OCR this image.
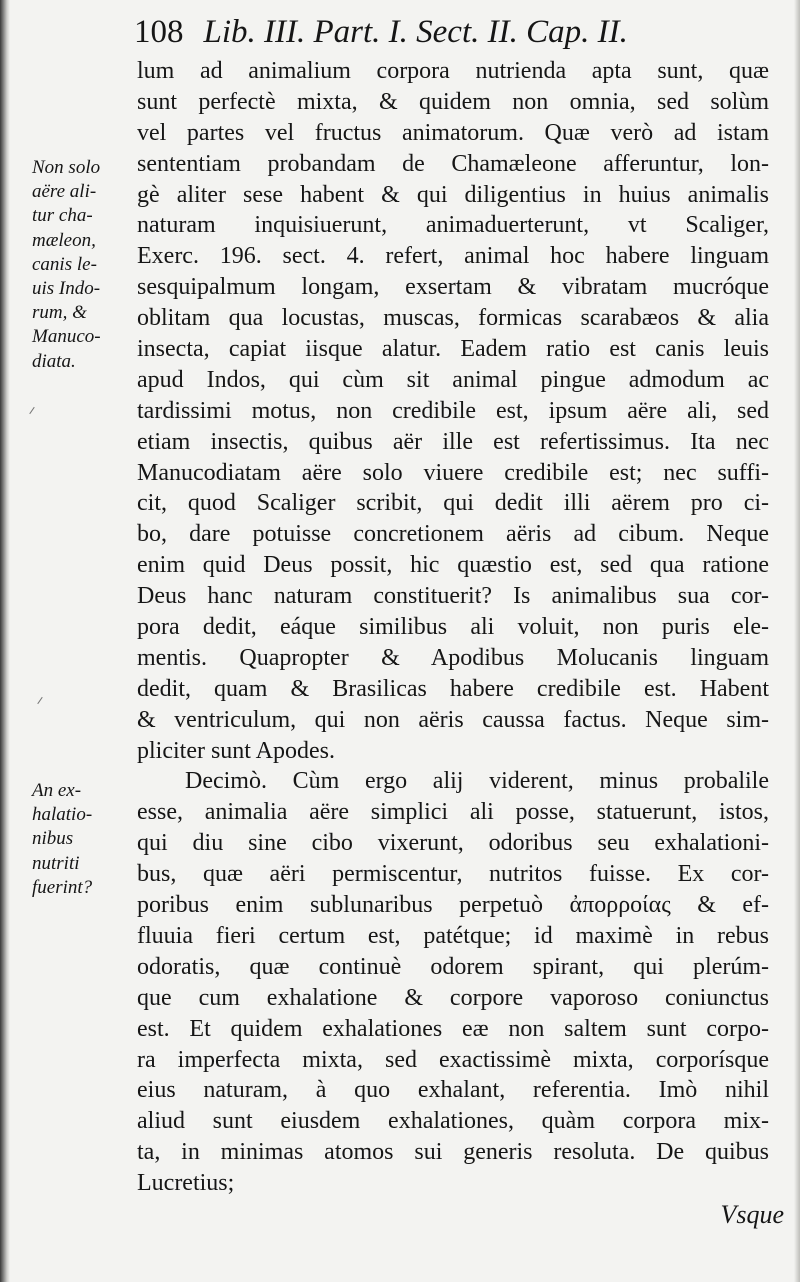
108 Lib. III. Part. I. Sect. II. Cap. II.
lum ad animalium corpora nutrienda apta sunt, quæ
sunt perfectè mixta, & quidem non omnia, sed solùm
vel partes vel fructus animatorum. Quæ verò ad istam
sententiam probandam de Chamæleone afferuntur, lon-
gè aliter sese habent & qui diligentius in huius animalis
naturam inquisiuerunt, animaduerterunt, vt Scaliger,
Exerc. 196. sect. 4. refert, animal hoc habere linguam
sesquipalmum longam, exsertam & vibratam mucróque
oblitam qua locustas, muscas, formicas scarabæos & alia
insecta, capiat iisque alatur. Eadem ratio est canis leuis
apud Indos, qui cùm sit animal pingue admodum ac
tardissimi motus, non credibile est, ipsum aëre ali, sed
etiam insectis, quibus aër ille est refertissimus. Ita nec
Manucodiatam aëre solo viuere credibile est; nec suffi-
cit, quod Scaliger scribit, qui dedit illi aërem pro ci-
bo, dare potuisse concretionem aëris ad cibum. Neque
enim quid Deus possit, hic quæstio est, sed qua ratione
Deus hanc naturam constituerit? Is animalibus sua cor-
pora dedit, eáque similibus ali voluit, non puris ele-
mentis. Quapropter & Apodibus Molucanis linguam
dedit, quam & Brasilicas habere credibile est. Habent
& ventriculum, qui non aëris caussa factus. Neque sim-
pliciter sunt Apodes.
Decimò. Cùm ergo alij viderent, minus probalile
esse, animalia aëre simplici ali posse, statuerunt, istos,
qui diu sine cibo vixerunt, odoribus seu exhalationi-
bus, quæ aëri permiscentur, nutritos fuisse. Ex cor-
poribus enim sublunaribus perpetuò ἀπορροίας & ef-
fluuia fieri certum est, patétque; id maximè in rebus
odoratis, quæ continuè odorem spirant, qui plerúm-
que cum exhalatione & corpore vaporoso coniunctus
est. Et quidem exhalationes eæ non saltem sunt corpo-
ra imperfecta mixta, sed exactissimè mixta, corporísque
eius naturam, à quo exhalant, referentia. Imò nihil
aliud sunt eiusdem exhalationes, quàm corpora mix-
ta, in minimas atomos sui generis resoluta. De quibus
Lucretius;
Non solo
aëre ali-
tur cha-
mæleon,
canis le-
uis Indo-
rum, &
Manuco-
diata.
An ex-
halatio-
nibus
nutriti
fuerint?
Vsque
